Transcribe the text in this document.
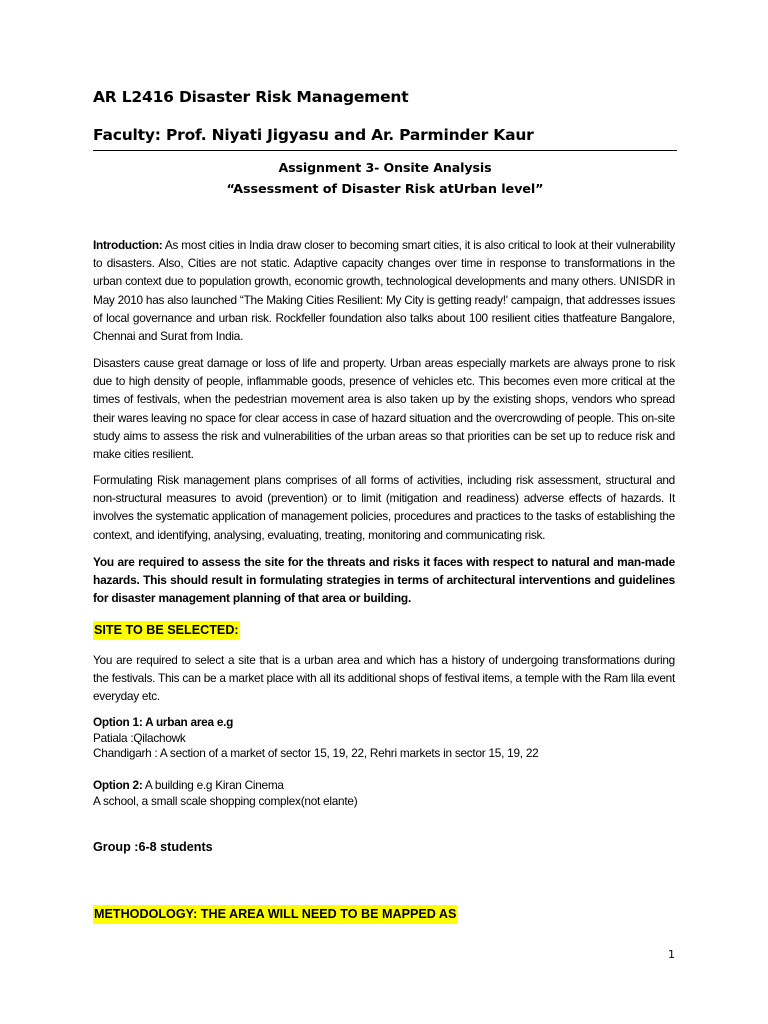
AR L2416 Disaster Risk Management
Faculty: Prof. Niyati Jigyasu and Ar. Parminder Kaur
Assignment 3- Onsite Analysis
“Assessment of Disaster Risk atUrban level”
Introduction: As most cities in India draw closer to becoming smart cities, it is also critical to look at their vulnerability to disasters. Also, Cities are not static. Adaptive capacity changes over time in response to transformations in the urban context due to population growth, economic growth, technological developments and many others. UNISDR in May 2010 has also launched “The Making Cities Resilient: My City is getting ready!' campaign, that addresses issues of local governance and urban risk. Rockfeller foundation also talks about 100 resilient cities thatfeature Bangalore, Chennai and Surat from India.
Disasters cause great damage or loss of life and property. Urban areas especially markets are always prone to risk due to high density of people, inflammable goods, presence of vehicles etc. This becomes even more critical at the times of festivals, when the pedestrian movement area is also taken up by the existing shops, vendors who spread their wares leaving no space for clear access in case of hazard situation and the overcrowding of people. This on-site study aims to assess the risk and vulnerabilities of the urban areas so that priorities can be set up to reduce risk and make cities resilient.
Formulating Risk management plans comprises of all forms of activities, including risk assessment, structural and non-structural measures to avoid (prevention) or to limit (mitigation and readiness) adverse effects of hazards. It involves the systematic application of management policies, procedures and practices to the tasks of establishing the context, and identifying, analysing, evaluating, treating, monitoring and communicating risk.
You are required to assess the site for the threats and risks it faces with respect to natural and man-made hazards. This should result in formulating strategies in terms of architectural interventions and guidelines for disaster management planning of that area or building.
SITE TO BE SELECTED:
You are required to select a site that is a urban area and which has a history of undergoing transformations during the festivals. This can be a market place with all its additional shops of festival items, a temple with the Ram lila event everyday etc.
Option 1: A urban area e.g
Patiala :Qilachowk
Chandigarh : A section of a market of sector 15, 19, 22, Rehri markets in sector 15, 19, 22
Option 2: A building e.g Kiran Cinema
A school, a small scale shopping complex(not elante)
Group :6-8 students
METHODOLOGY: THE AREA WILL NEED TO BE MAPPED AS
1
